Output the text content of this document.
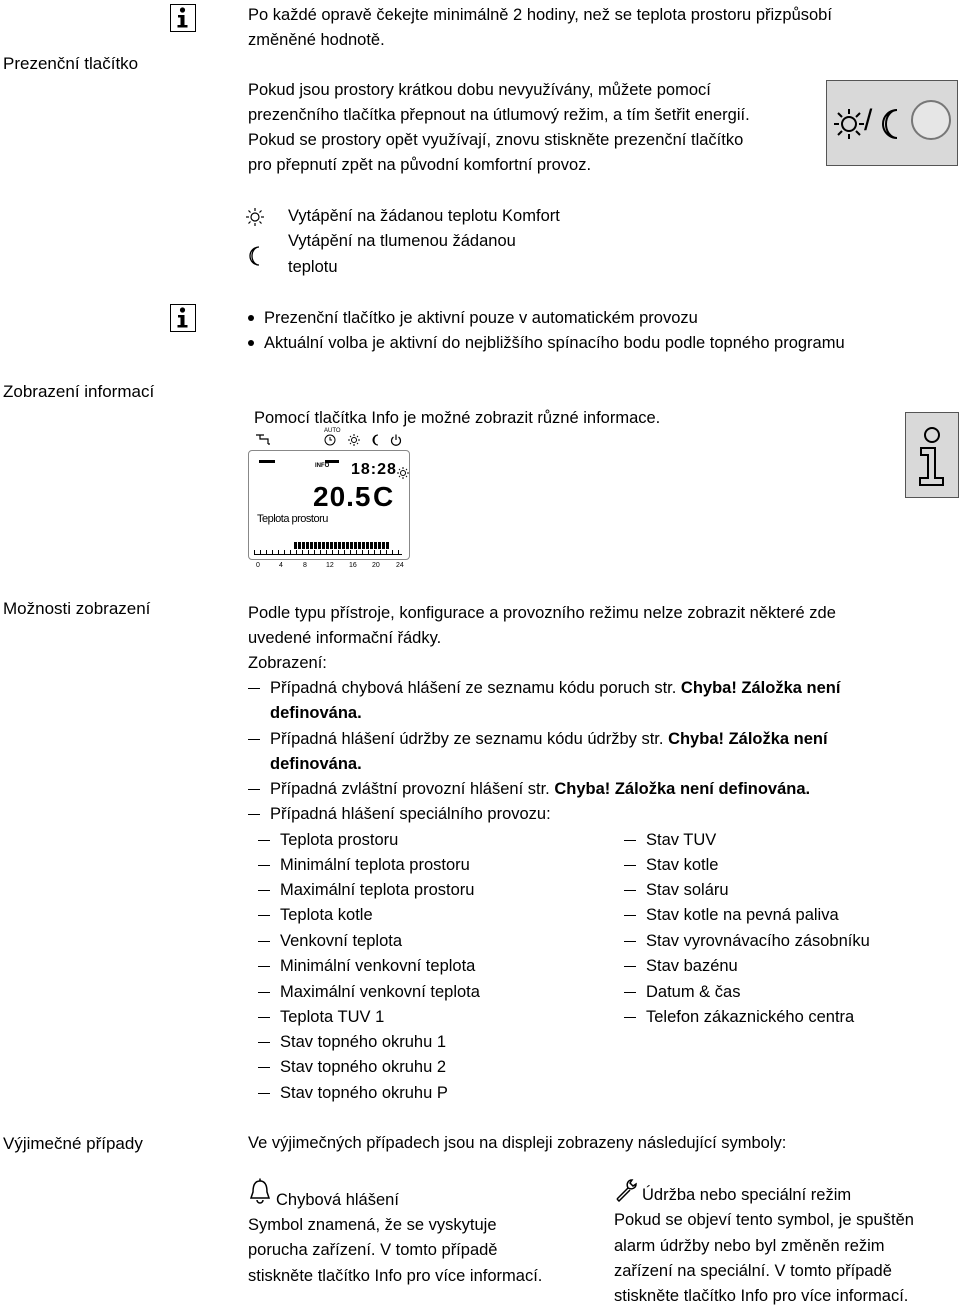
Prezenční tlačítko
Po každé opravě čekejte minimálně 2 hodiny, než se teplota prostoru přizpůsobí
změněné hodnotě.
Pokud jsou prostory krátkou dobu nevyužívány, můžete pomocí
prezenčního tlačítka přepnout na útlumový režim, a tím šetřit energií.
Pokud se prostory opět využívají, znovu stiskněte prezenční tlačítko
pro přepnutí zpět na původní komfortní provoz.
/
Vytápění na žádanou teplotu Komfort
Vytápění na tlumenou žádanou
teplotu
Prezenční tlačítko je aktivní pouze v automatickém provozu
Aktuální volba je aktivní do nejbližšího spínacího bodu podle topného programu
Zobrazení informací
Pomocí tlačítka Info je možné zobrazit různé informace.
AUTO
INFO 18:28
20.5 C
Teplota prostoru
0	4	8	12 16 20 24
Možnosti zobrazení	Podle typu přístroje, konfigurace a provozního režimu nelze zobrazit některé zde
uvedené informační řádky.
Zobrazení:
Případná chybová hlášení ze seznamu kódu poruch str. Chyba! Záložka není
definována.
Případná hlášení údržby ze seznamu kódu údržby str. Chyba! Záložka není
definována.
Případná zvláštní provozní hlášení str. Chyba! Záložka není definována.
Případná hlášení speciálního provozu:
Teplota prostoru
Minimální teplota prostoru
Maximální teplota prostoru
Teplota kotle
Venkovní teplota
Minimální venkovní teplota
Maximální venkovní teplota
Teplota TUV 1
Stav topného okruhu 1
Stav topného okruhu 2
Stav topného okruhu P
Stav TUV
Stav kotle
Stav soláru
Stav kotle na pevná paliva
Stav vyrovnávacího zásobníku
Stav bazénu
Datum & čas
Telefon zákaznického centra
Výjimečné případy	Ve výjimečných případech jsou na displeji zobrazeny následující symboly:
Chybová hlášení
Symbol znamená, že se vyskytuje
porucha zařízení. V tomto případě
stiskněte tlačítko Info pro více informací.
Údržba nebo speciální režim
Pokud se objeví tento symbol, je spuštěn
alarm údržby nebo byl změněn režim
zařízení na speciální. V tomto případě
stiskněte tlačítko Info pro více informací.
